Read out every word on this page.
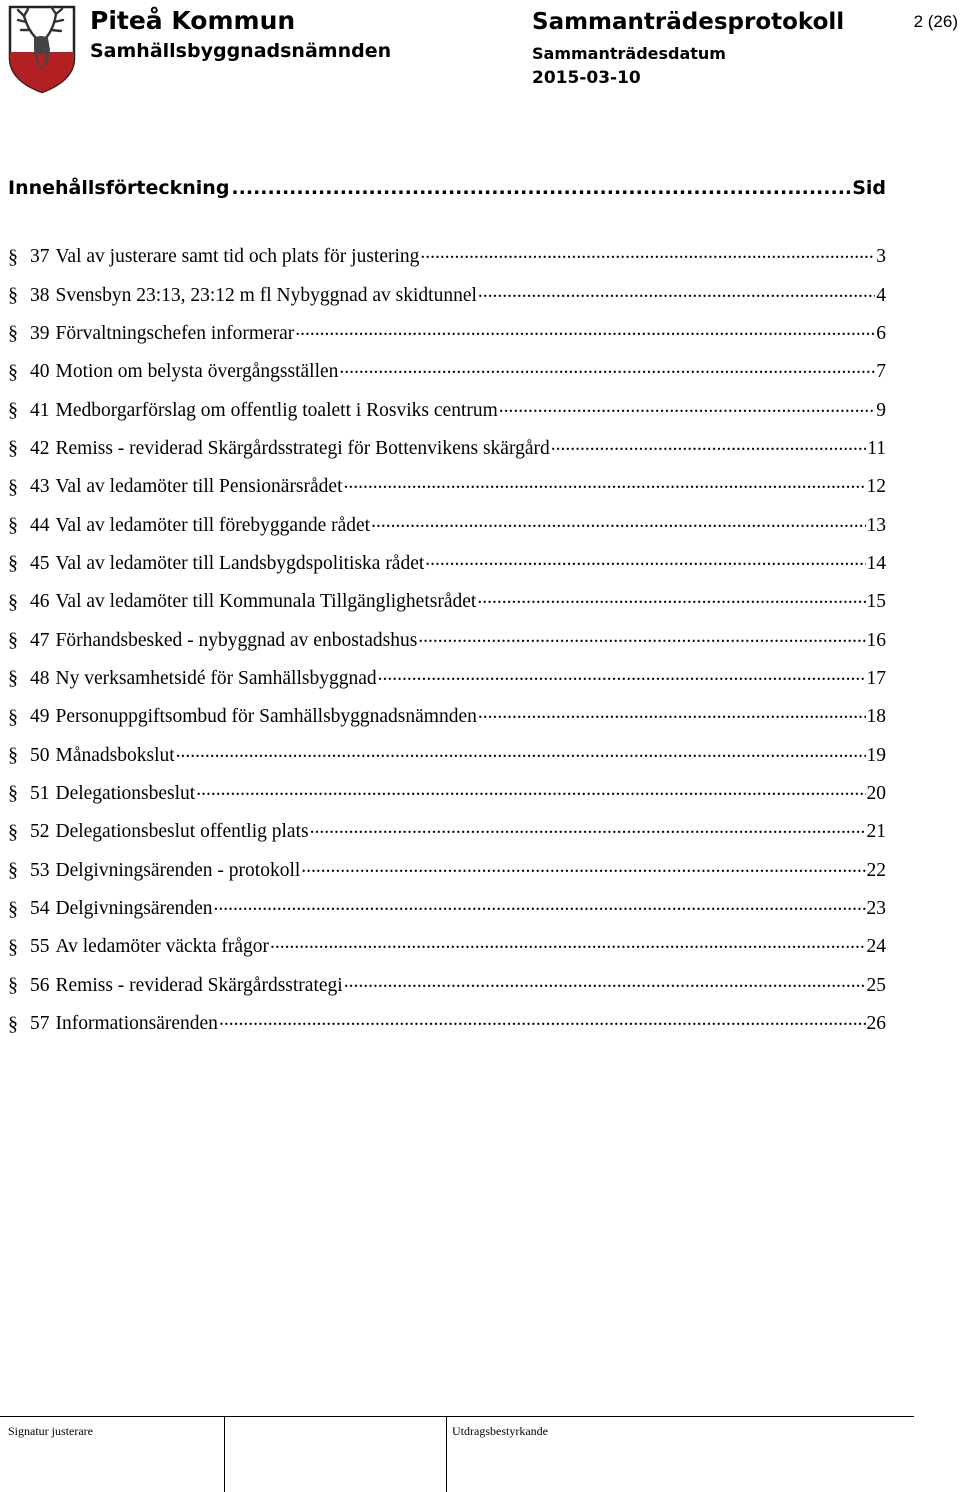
Piteå Kommun
Samhällsbyggnadsnämnden
Sammanträdesprotokoll
Sammanträdesdatum
2015-03-10
2 (26)
Innehållsförteckning .....	Sid
§ 37 Val av justerare samt tid och plats för justering .....	3
§ 38 Svensbyn 23:13, 23:12 m fl Nybyggnad av skidtunnel .....	4
§ 39 Förvaltningschefen informerar .....	6
§ 40 Motion om belysta övergångsställen .....	7
§ 41 Medborgarförslag om offentlig toalett i Rosviks centrum .....	9
§ 42 Remiss - reviderad Skärgårdsstrategi för Bottenvikens skärgård .....	11
§ 43 Val av ledamöter till Pensionärsrådet .....	12
§ 44 Val av ledamöter till förebyggande rådet .....	13
§ 45 Val av ledamöter till Landsbygdspolitiska rådet .....	14
§ 46 Val av ledamöter till Kommunala Tillgänglighetsrådet .....	15
§ 47 Förhandsbesked - nybyggnad av enbostadshus .....	16
§ 48 Ny verksamhetsidé för Samhällsbyggnad .....	17
§ 49 Personuppgiftsombud för Samhällsbyggnadsnämnden .....	18
§ 50 Månadsbokslut .....	19
§ 51 Delegationsbeslut .....	20
§ 52 Delegationsbeslut offentlig plats .....	21
§ 53 Delgivningsärenden - protokoll .....	22
§ 54 Delgivningsärenden .....	23
§ 55 Av ledamöter väckta frågor .....	24
§ 56 Remiss - reviderad Skärgårdsstrategi .....	25
§ 57 Informationsärenden .....	26
Signatur justerare	Utdragsbestyrkande
